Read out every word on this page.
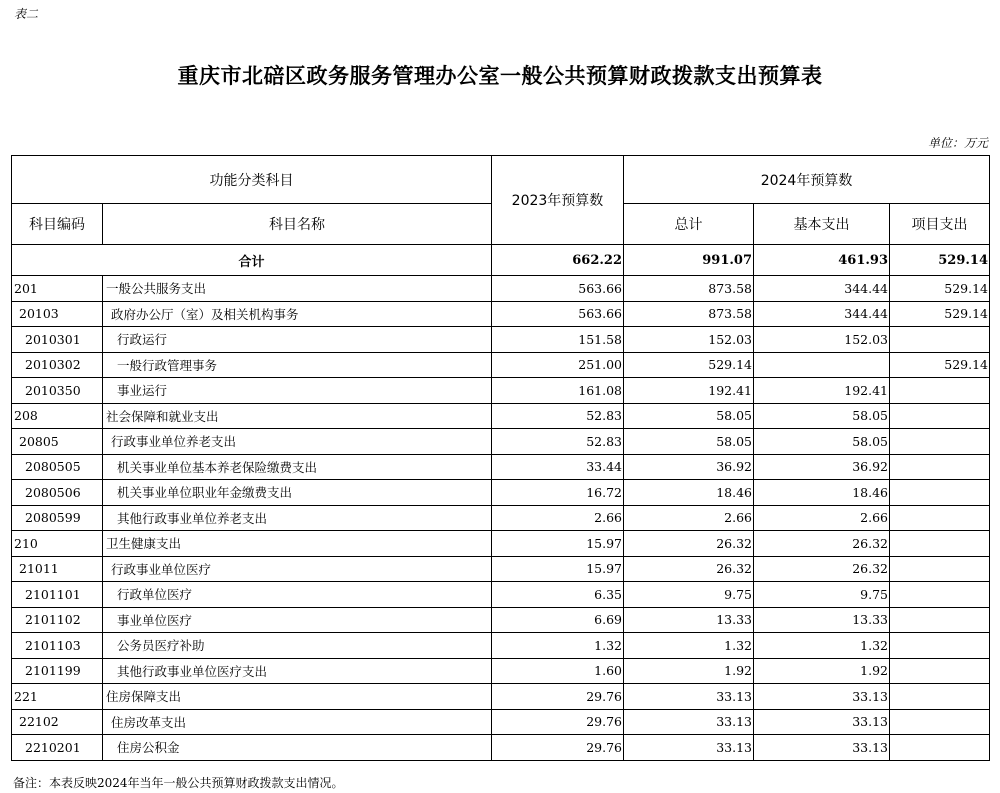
表二
重庆市北碚区政务服务管理办公室一般公共预算财政拨款支出预算表
单位：万元
功能分类科目		2023年预算数	2024年预算数		
科目编码	科目名称		总计	基本支出	项目支出
合计		662.22	991.07	461.93	529.14
201	一般公共服务支出	563.66	873.58	344.44	529.14
20103	政府办公厅（室）及相关机构事务	563.66	873.58	344.44	529.14
2010301	行政运行	151.58	152.03	152.03	
2010302	一般行政管理事务	251.00	529.14		529.14
2010350	事业运行	161.08	192.41	192.41	
208	社会保障和就业支出	52.83	58.05	58.05	
20805	行政事业单位养老支出	52.83	58.05	58.05	
2080505	机关事业单位基本养老保险缴费支出	33.44	36.92	36.92	
2080506	机关事业单位职业年金缴费支出	16.72	18.46	18.46	
2080599	其他行政事业单位养老支出	2.66	2.66	2.66	
210	卫生健康支出	15.97	26.32	26.32	
21011	行政事业单位医疗	15.97	26.32	26.32	
2101101	行政单位医疗	6.35	9.75	9.75	
2101102	事业单位医疗	6.69	13.33	13.33	
2101103	公务员医疗补助	1.32	1.32	1.32	
2101199	其他行政事业单位医疗支出	1.60	1.92	1.92	
221	住房保障支出	29.76	33.13	33.13	
22102	住房改革支出	29.76	33.13	33.13	
2210201	住房公积金	29.76	33.13	33.13	
备注：本表反映2024年当年一般公共预算财政拨款支出情况。
